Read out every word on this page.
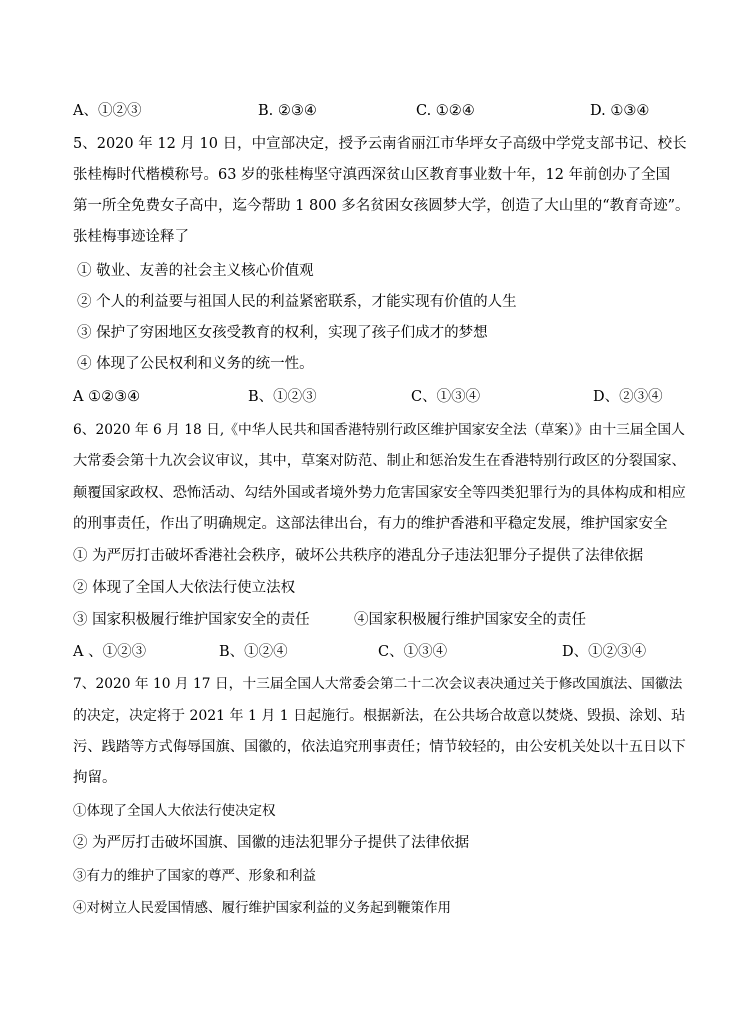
A、①②③	B. ②③④	C. ①②④	D. ①③④
5、2020 年 12 月 10 日，中宣部决定，授予云南省丽江市华坪女子高级中学党支部书记、校长
张桂梅时代楷模称号。63 岁的张桂梅坚守滇西深贫山区教育事业数十年，12 年前创办了全国
第一所全免费女子高中，迄今帮助 1 800 多名贫困女孩圆梦大学，创造了大山里的“教育奇迹”。
张桂梅事迹诠释了
① 敬业、友善的社会主义核心价值观
② 个人的利益要与祖国人民的利益紧密联系，才能实现有价值的人生
③ 保护了穷困地区女孩受教育的权利，实现了孩子们成才的梦想
④ 体现了公民权利和义务的统一性。
A ①②③④	B、①②③	C、①③④	D、②③④
6、2020 年 6 月 18 日,《中华人民共和国香港特别行政区维护国家安全法（草案）》由十三届全国人
大常委会第十九次会议审议，其中，草案对防范、制止和惩治发生在香港特别行政区的分裂国家、
颠覆国家政权、恐怖活动、勾结外国或者境外势力危害国家安全等四类犯罪行为的具体构成和相应
的刑事责任，作出了明确规定。这部法律出台，有力的维护香港和平稳定发展，维护国家安全
① 为严厉打击破坏香港社会秩序，破坏公共秩序的港乱分子违法犯罪分子提供了法律依据
② 体现了全国人大依法行使立法权
③ 国家积极履行维护国家安全的责任	④国家积极履行维护国家安全的责任
A 、①②③	B、①②④	C、①③④	D、①②③④
7、2020 年 10 月 17 日，十三届全国人大常委会第二十二次会议表决通过关于修改国旗法、国徽法
的决定，决定将于 2021 年 1 月 1 日起施行。根据新法，在公共场合故意以焚烧、毁损、涂划、玷
污、践踏等方式侮辱国旗、国徽的，依法追究刑事责任；情节较轻的，由公安机关处以十五日以下
拘留。
①体现了全国人大依法行使决定权
② 为严厉打击破坏国旗、国徽的违法犯罪分子提供了法律依据
③有力的维护了国家的尊严、形象和利益
④对树立人民爱国情感、履行维护国家利益的义务起到鞭策作用
